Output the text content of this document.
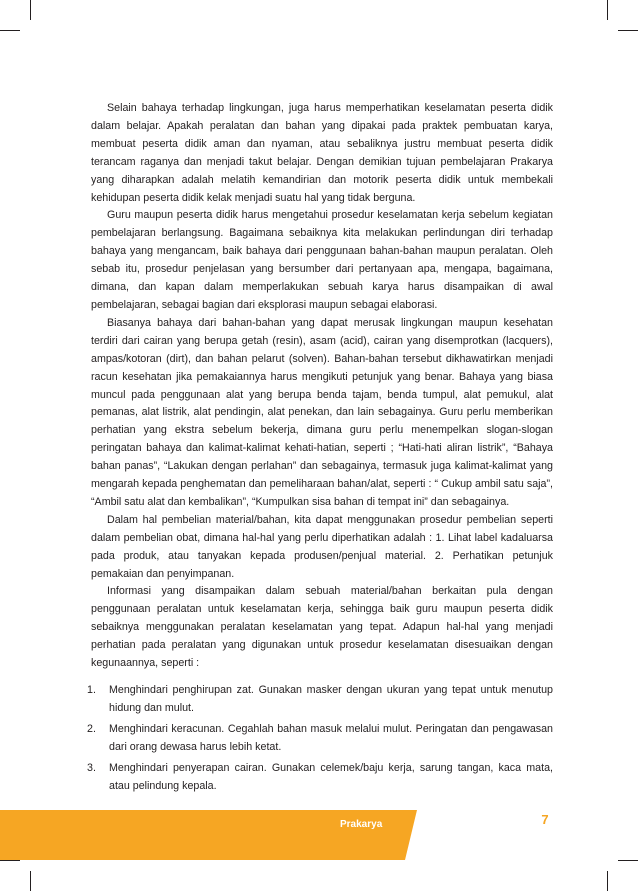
Selain bahaya terhadap lingkungan, juga harus memperhatikan keselamatan peserta didik dalam belajar. Apakah peralatan dan bahan yang dipakai pada praktek pembuatan karya, membuat peserta didik aman dan nyaman, atau sebaliknya justru membuat peserta didik terancam raganya dan menjadi takut belajar. Dengan demikian tujuan pembelajaran Prakarya yang diharapkan adalah melatih kemandirian dan motorik peserta didik untuk membekali kehidupan peserta didik kelak menjadi suatu hal yang tidak berguna.

Guru maupun peserta didik harus mengetahui prosedur keselamatan kerja sebelum kegiatan pembelajaran berlangsung. Bagaimana sebaiknya kita melakukan perlindungan diri terhadap bahaya yang mengancam, baik bahaya dari penggunaan bahan-bahan maupun peralatan. Oleh sebab itu, prosedur penjelasan yang bersumber dari pertanyaan apa, mengapa, bagaimana, dimana, dan kapan dalam memperlakukan sebuah karya harus disampaikan di awal pembelajaran, sebagai bagian dari eksplorasi maupun sebagai elaborasi.

Biasanya bahaya dari bahan-bahan yang dapat merusak lingkungan maupun kesehatan terdiri dari cairan yang berupa getah (resin), asam (acid), cairan yang disemprotkan (lacquers), ampas/kotoran (dirt), dan bahan pelarut (solven). Bahan-bahan tersebut dikhawatirkan menjadi racun kesehatan jika pemakaiannya harus mengikuti petunjuk yang benar. Bahaya yang biasa muncul pada penggunaan alat yang berupa benda tajam, benda tumpul, alat pemukul, alat pemanas, alat listrik, alat pendingin, alat penekan, dan lain sebagainya. Guru perlu memberikan perhatian yang ekstra sebelum bekerja, dimana guru perlu menempelkan slogan-slogan peringatan bahaya dan kalimat-kalimat kehati-hatian, seperti ; “Hati-hati aliran listrik”, “Bahaya bahan panas”, “Lakukan dengan perlahan” dan sebagainya, termasuk juga kalimat-kalimat yang mengarah kepada penghematan dan pemeliharaan bahan/alat, seperti : “ Cukup ambil satu saja”, “Ambil satu alat dan kembalikan”, “Kumpulkan sisa bahan di tempat ini” dan sebagainya.

Dalam hal pembelian material/bahan, kita dapat menggunakan prosedur pembelian seperti dalam pembelian obat, dimana hal-hal yang perlu diperhatikan adalah : 1. Lihat label kadaluarsa pada produk, atau tanyakan kepada produsen/penjual material. 2. Perhatikan petunjuk pemakaian dan penyimpanan.

Informasi yang disampaikan dalam sebuah material/bahan berkaitan pula dengan penggunaan peralatan untuk keselamatan kerja, sehingga baik guru maupun peserta didik sebaiknya menggunakan peralatan keselamatan yang tepat. Adapun hal-hal yang menjadi perhatian pada peralatan yang digunakan untuk prosedur keselamatan disesuaikan dengan kegunaannya, seperti :

1. Menghindari penghirupan zat. Gunakan masker dengan ukuran yang tepat untuk menutup hidung dan mulut.
2. Menghindari keracunan. Cegahlah bahan masuk melalui mulut. Peringatan dan pengawasan dari orang dewasa harus lebih ketat.
3. Menghindari penyerapan cairan. Gunakan celemek/baju kerja, sarung tangan, kaca mata, atau pelindung kepala.
Prakarya	7
